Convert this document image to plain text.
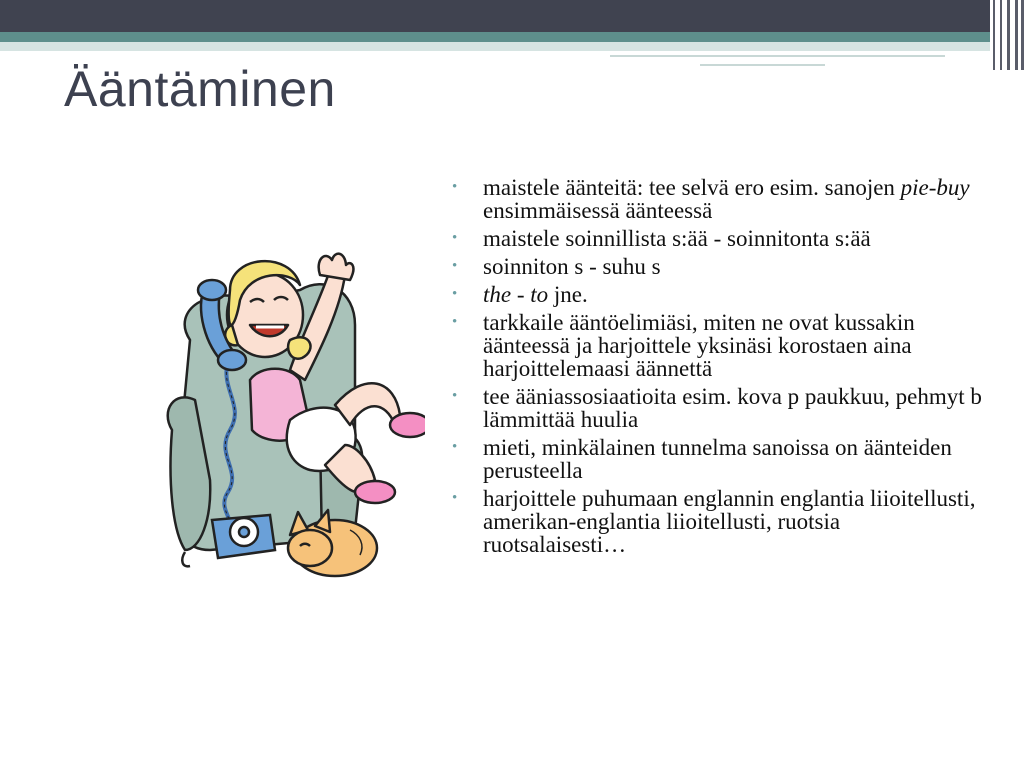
Ääntäminen
• maistele äänteitä: tee selvä ero esim. sanojen pie-buy ensimmäisessä äänteessä
• maistele soinnillista s:ää - soinnitonta s:ää
• soinniton s - suhu s
• the - to jne.
• tarkkaile ääntöelimiäsi, miten ne ovat kussakin äänteessä ja harjoittele yksinäsi korostaen aina harjoittelemaasi äännettä
• tee ääniassosiaatioita esim. kova p paukkuu, pehmyt b lämmittää huulia
• mieti, minkälainen tunnelma sanoissa on äänteiden perusteella
• harjoittele puhumaan englannin englantia liioitellusti, amerikan-englantia liioitellusti, ruotsia ruotsalaisesti…
